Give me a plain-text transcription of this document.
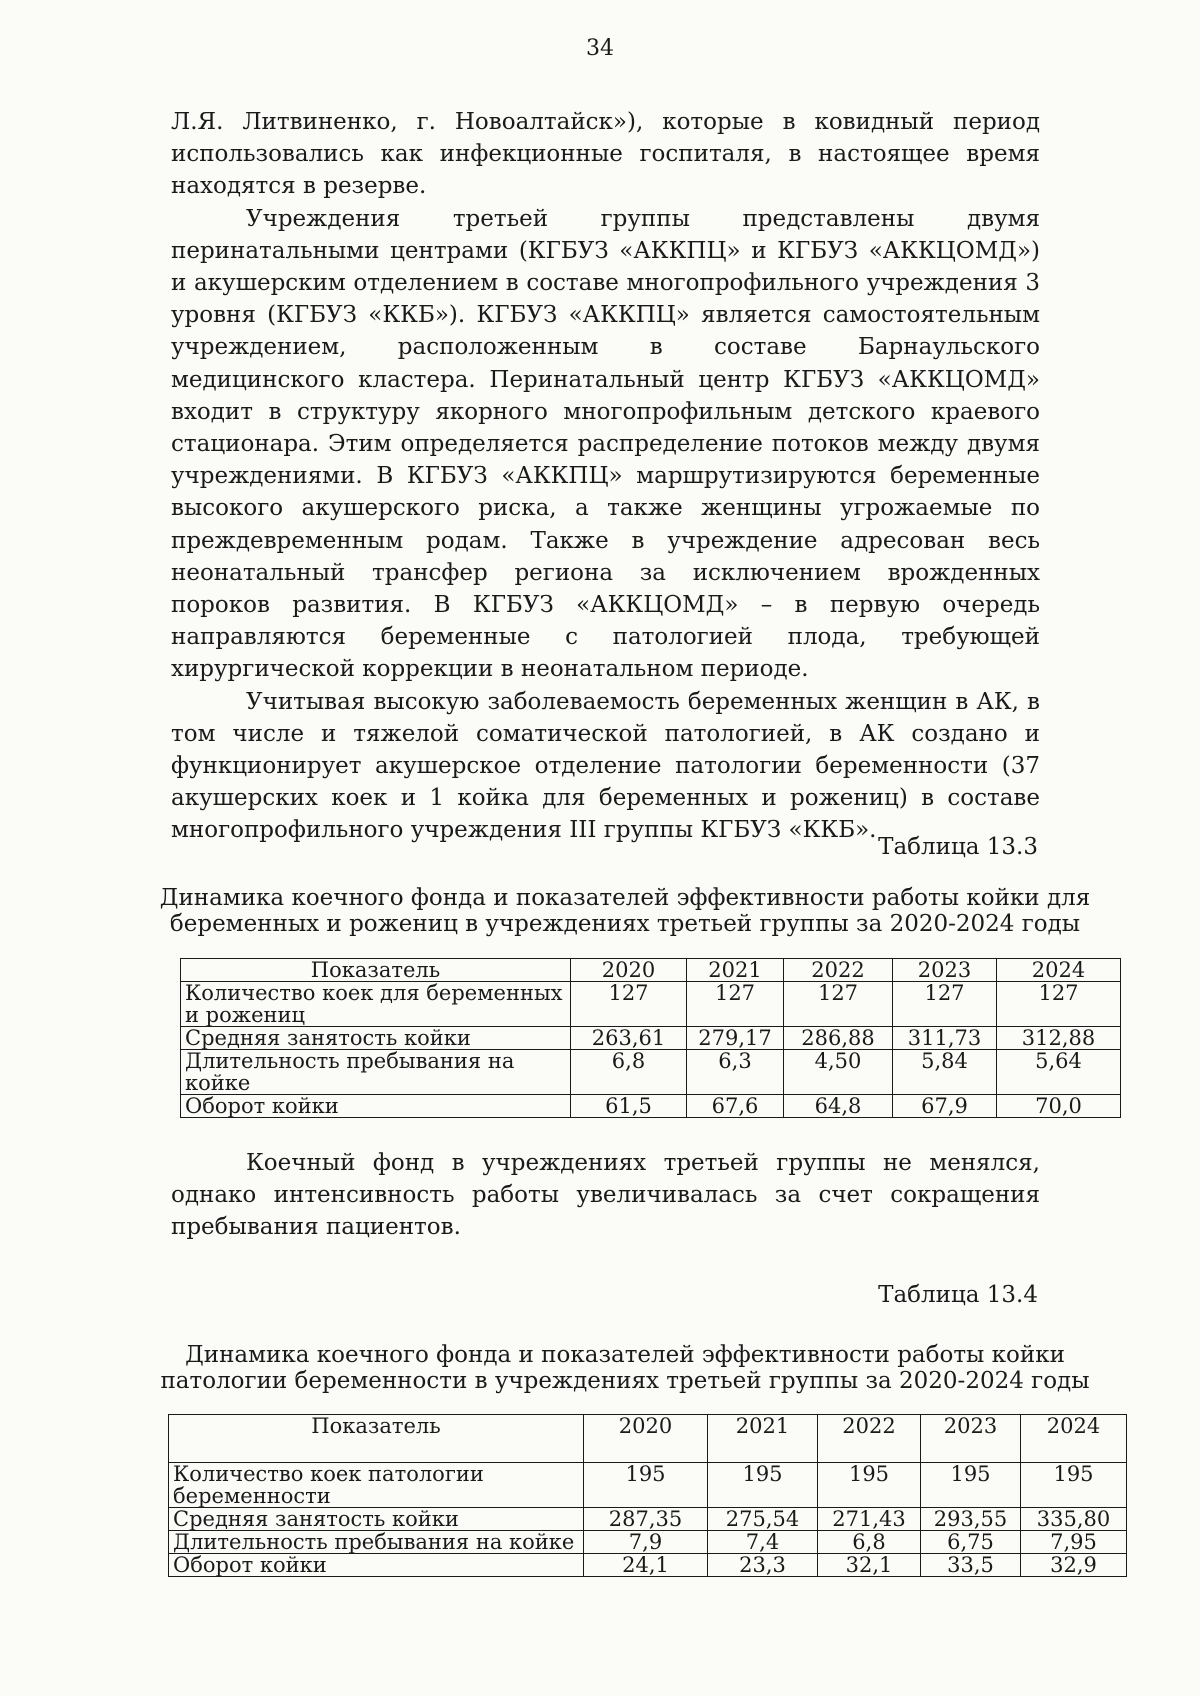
34

Л.Я. Литвиненко, г. Новоалтайск»), которые в ковидный период использовались как инфекционные госпиталя, в настоящее время находятся в резерве.

Учреждения третьей группы представлены двумя перинатальными центрами (КГБУЗ «АККПЦ» и КГБУЗ «АККЦОМД») и акушерским отделением в составе многопрофильного учреждения 3 уровня (КГБУЗ «ККБ»). КГБУЗ «АККПЦ» является самостоятельным учреждением, расположенным в составе Барнаульского медицинского кластера. Перинатальный центр КГБУЗ «АККЦОМД» входит в структуру якорного многопрофильным детского краевого стационара. Этим определяется распределение потоков между двумя учреждениями. В КГБУЗ «АККПЦ» маршрутизируются беременные высокого акушерского риска, а также женщины угрожаемые по преждевременным родам. Также в учреждение адресован весь неонатальный трансфер региона за исключением врожденных пороков развития. В КГБУЗ «АККЦОМД» – в первую очередь направляются беременные с патологией плода, требующей хирургической коррекции в неонатальном периоде.

Учитывая высокую заболеваемость беременных женщин в АК, в том числе и тяжелой соматической патологией, в АК создано и функционирует акушерское отделение патологии беременности (37 акушерских коек и 1 койка для беременных и рожениц) в составе многопрофильного учреждения III группы КГБУЗ «ККБ».

Таблица 13.3
Динамика коечного фонда и показателей эффективности работы койки для
беременных и рожениц в учреждениях третьей группы за 2020-2024 годы
Показатель	2020	2021	2022	2023	2024
Количество коек для беременных и рожениц	127	127	127	127	127
Средняя занятость койки	263,61	279,17	286,88	311,73	312,88
Длительность пребывания на койке	6,8	6,3	4,50	5,84	5,64
Оборот койки	61,5	67,6	64,8	67,9	70,0

Коечный фонд в учреждениях третьей группы не менялся, однако интенсивность работы увеличивалась за счет сокращения пребывания пациентов.

Таблица 13.4
Динамика коечного фонда и показателей эффективности работы койки
патологии беременности в учреждениях третьей группы за 2020-2024 годы
Показатель	2020	2021	2022	2023	2024
Количество коек патологии беременности	195	195	195	195	195
Средняя занятость койки	287,35	275,54	271,43	293,55	335,80
Длительность пребывания на койке	7,9	7,4	6,8	6,75	7,95
Оборот койки	24,1	23,3	32,1	33,5	32,9
